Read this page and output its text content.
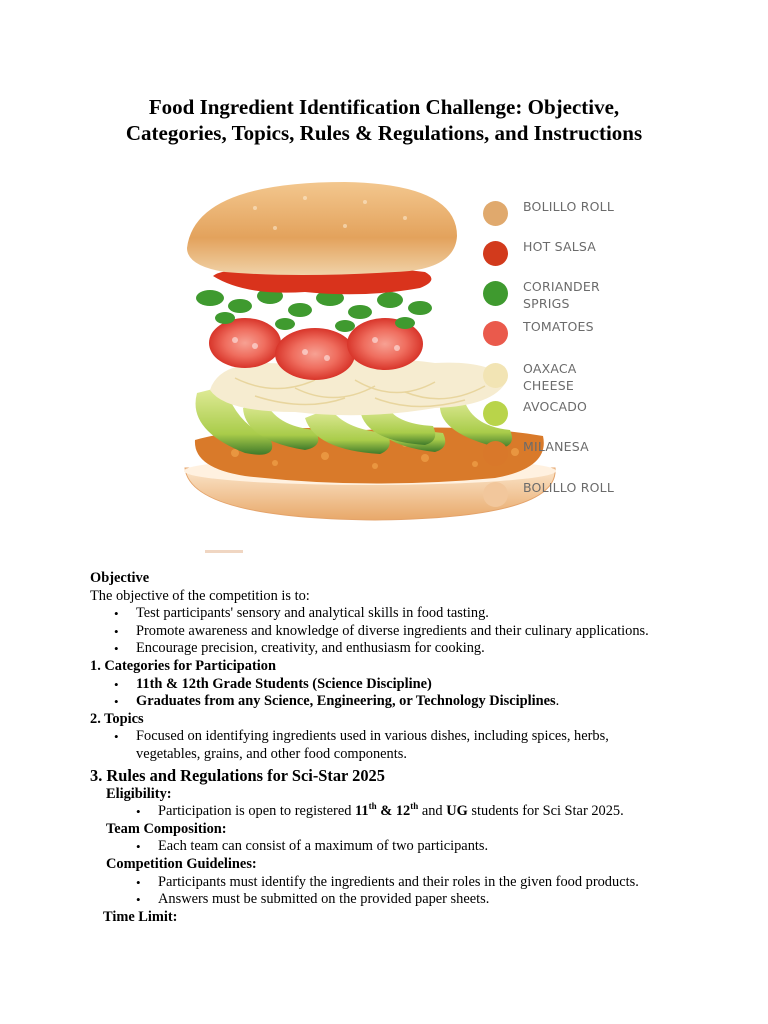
Food Ingredient Identification Challenge: Objective,
Categories, Topics, Rules & Regulations, and Instructions
BOLILLO ROLL
HOT SALSA
CORIANDER
SPRIGS
TOMATOES
OAXACA
CHEESE
AVOCADO
MILANESA
BOLILLO ROLL
Objective
The objective of the competition is to:
• Test participants' sensory and analytical skills in food tasting.
• Promote awareness and knowledge of diverse ingredients and their culinary applications.
• Encourage precision, creativity, and enthusiasm for cooking.
1. Categories for Participation
• 11th & 12th Grade Students (Science Discipline)
• Graduates from any Science, Engineering, or Technology Disciplines.
2. Topics
• Focused on identifying ingredients used in various dishes, including spices, herbs,
vegetables, grains, and other food components.
3. Rules and Regulations for Sci-Star 2025
Eligibility:
• Participation is open to registered 11th & 12th and UG students for Sci Star 2025.
Team Composition:
• Each team can consist of a maximum of two participants.
Competition Guidelines:
• Participants must identify the ingredients and their roles in the given food products.
• Answers must be submitted on the provided paper sheets.
Time Limit:
